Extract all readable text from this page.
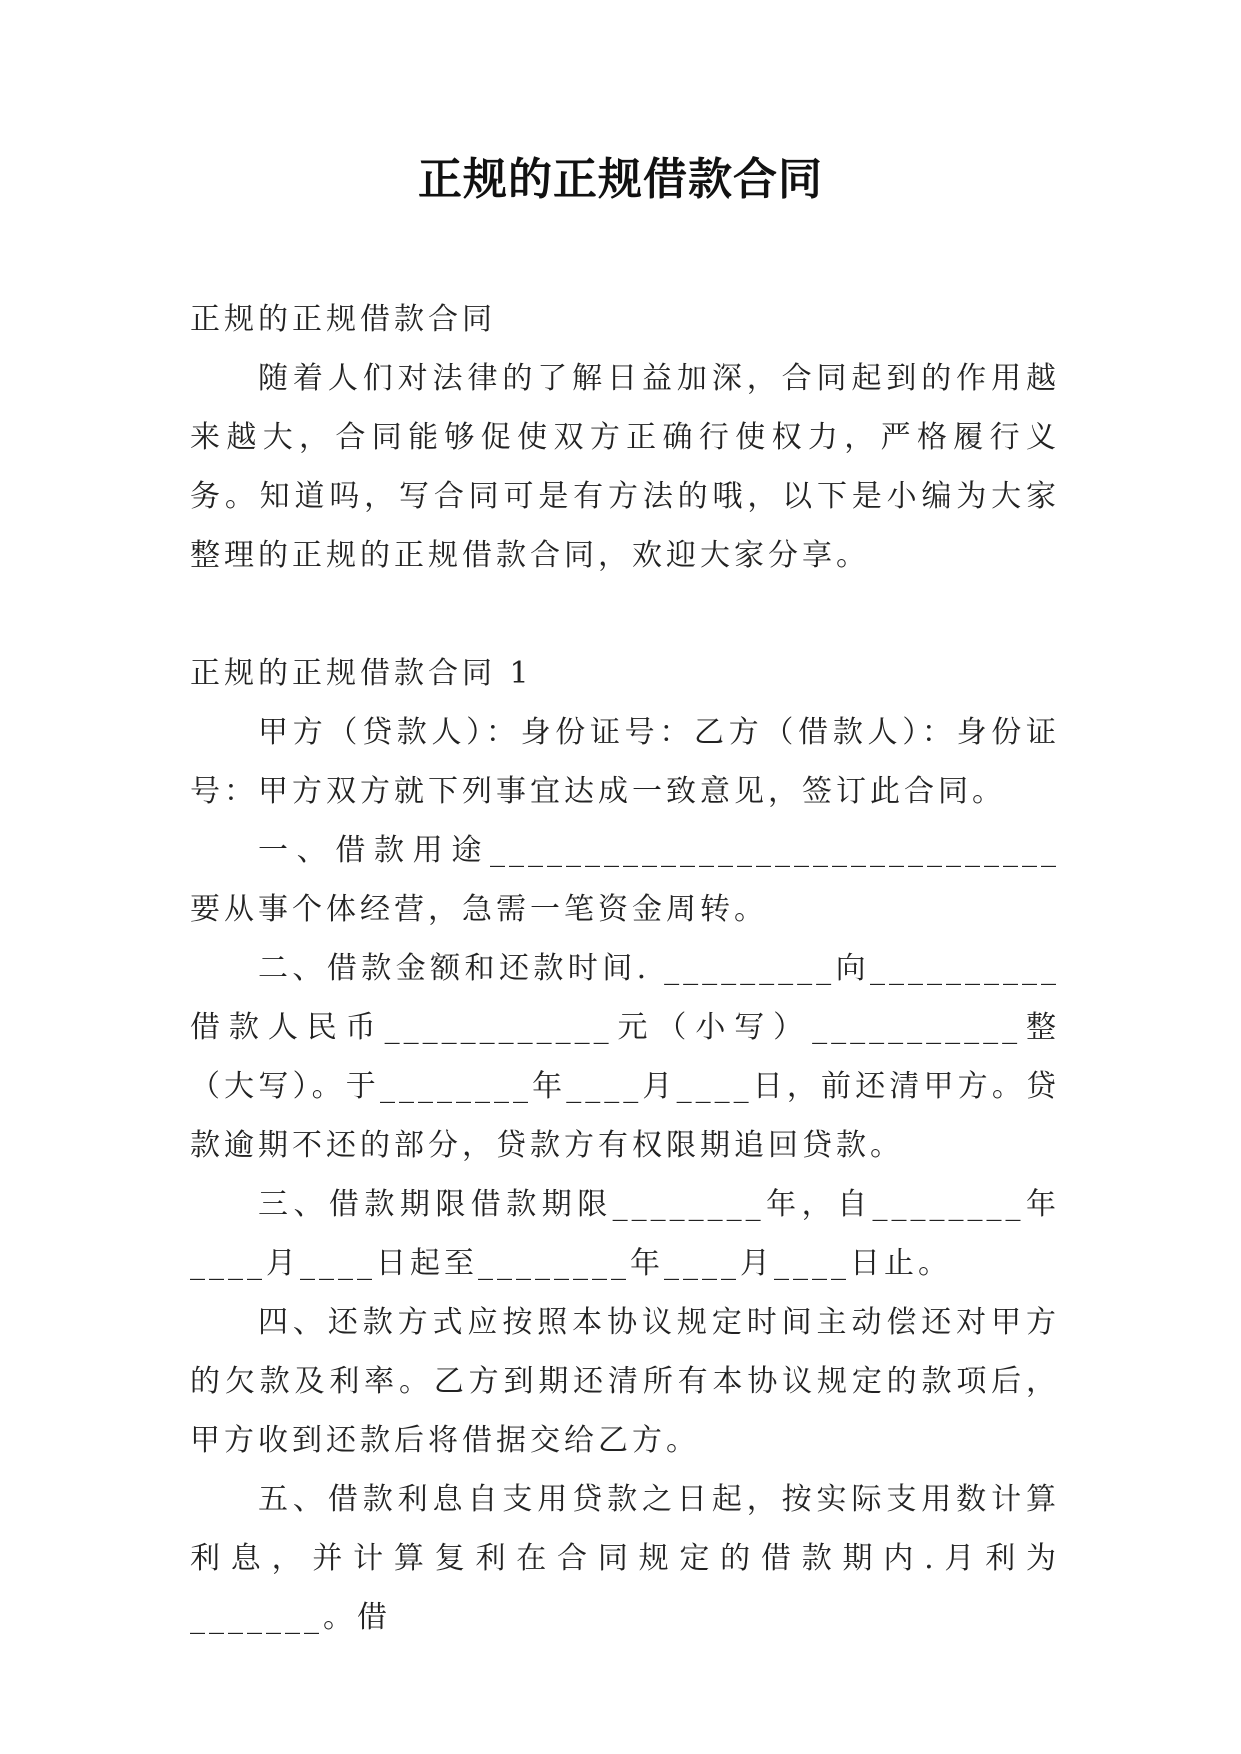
正规的正规借款合同

正规的正规借款合同

随着人们对法律的了解日益加深，合同起到的作用越来越大，合同能够促使双方正确行使权力，严格履行义务。知道吗，写合同可是有方法的哦，以下是小编为大家整理的正规的正规借款合同，欢迎大家分享。

正规的正规借款合同 1

甲方（贷款人）：身份证号：乙方（借款人）：身份证号：甲方双方就下列事宜达成一致意见，签订此合同。

一、借款用途______________________________要从事个体经营，急需一笔资金周转。

二、借款金额和还款时间. _________向__________借款人民币____________元（小写）___________整（大写）。于________年____月____日，前还清甲方。贷款逾期不还的部分，贷款方有权限期追回贷款。

三、借款期限借款期限________年，自________年____月____日起至________年____月____日止。

四、还款方式应按照本协议规定时间主动偿还对甲方的欠款及利率。乙方到期还清所有本协议规定的款项后，甲方收到还款后将借据交给乙方。

五、借款利息自支用贷款之日起，按实际支用数计算利息，并计算复利在合同规定的借款期内.月利为_______。借
